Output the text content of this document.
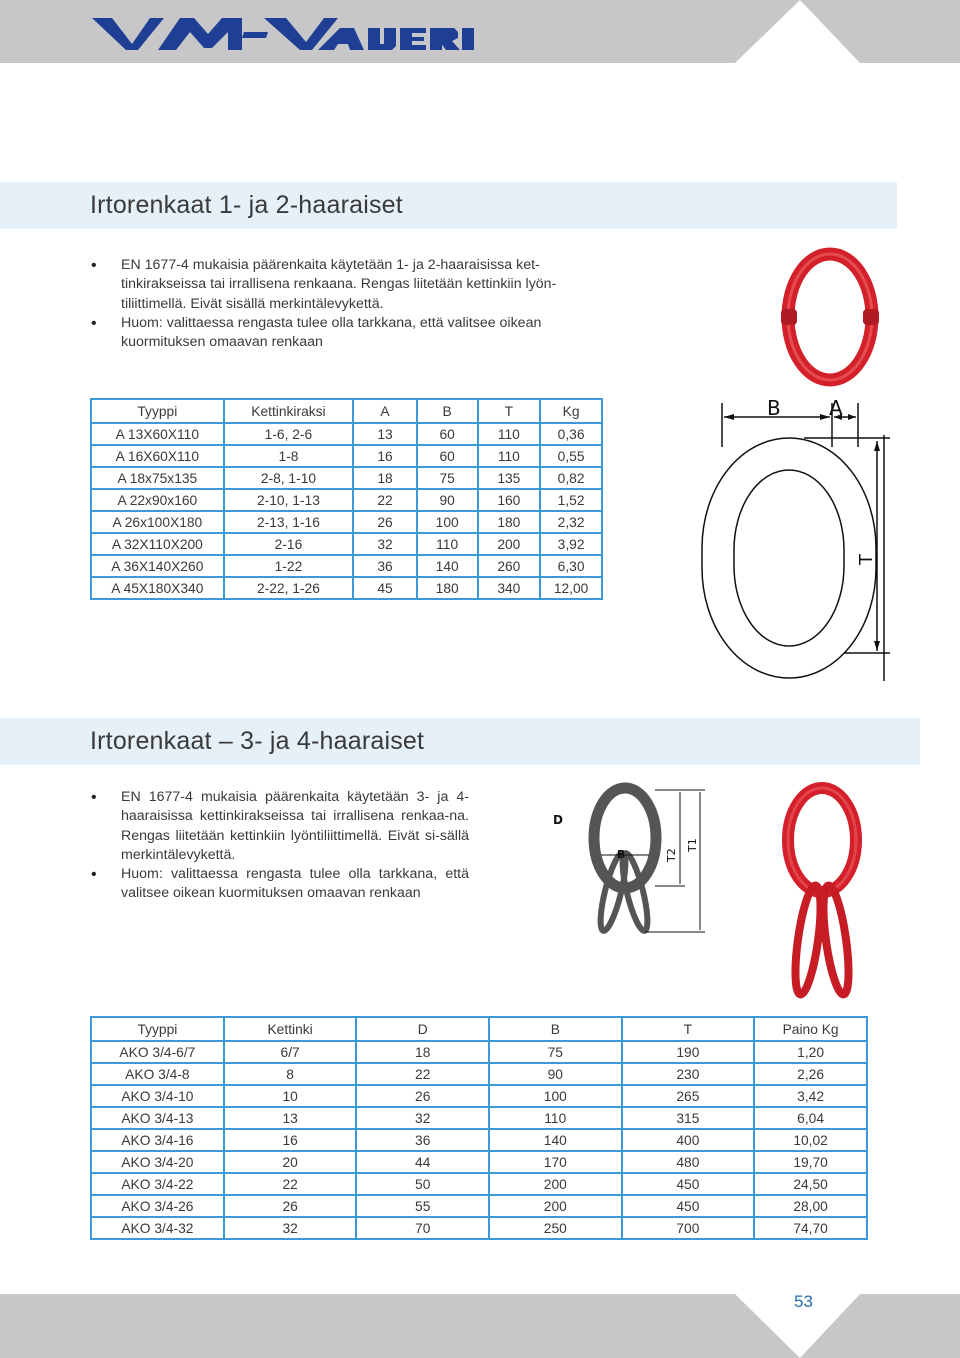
Irtorenkaat 1- ja 2-haaraiset
• EN 1677-4 mukaisia päärenkaita käytetään 1- ja 2-haaraisissa ket-
tinkirakseissa tai irrallisena renkaana. Rengas liitetään kettinkiin lyön-
tiliittimellä. Eivät sisällä merkintälevykettä.
• Huom: valittaessa rengasta tulee olla tarkkana, että valitsee oikean
kuormituksen omaavan renkaan
Tyyppi	Kettinkiraksi	A	B	T	Kg
A 13X60X110	1-6, 2-6	13	60	110	0,36
A 16X60X110	1-8	16	60	110	0,55
A 18x75x135	2-8, 1-10	18	75	135	0,82
A 22x90x160	2-10, 1-13	22	90	160	1,52
A 26x100X180	2-13, 1-16	26	100	180	2,32
A 32X110X200	2-16	32	110	200	3,92
A 36X140X260	1-22	36	140	260	6,30
A 45X180X340	2-22, 1-26	45	180	340	12,00
B A
T
Irtorenkaat – 3- ja 4-haaraiset
• EN 1677-4 mukaisia päärenkaita käytetään 3- ja 4-haaraisissa kettinkirakseissa tai irrallisena renkaa-na. Rengas liitetään kettinkiin lyöntiliittimellä. Eivät si-sällä merkintälevykettä.
• Huom: valittaessa rengasta tulee olla tarkkana, että valitsee oikean kuormituksen omaavan renkaan
D
B	T2
T1
Tyyppi	Kettinki	D	B	T	Paino Kg
AKO 3/4-6/7	6/7	18	75	190	1,20
AKO 3/4-8	8	22	90	230	2,26
AKO 3/4-10	10	26	100	265	3,42
AKO 3/4-13	13	32	110	315	6,04
AKO 3/4-16	16	36	140	400	10,02
AKO 3/4-20	20	44	170	480	19,70
AKO 3/4-22	22	50	200	450	24,50
AKO 3/4-26	26	55	200	450	28,00
AKO 3/4-32	32	70	250	700	74,70
53
